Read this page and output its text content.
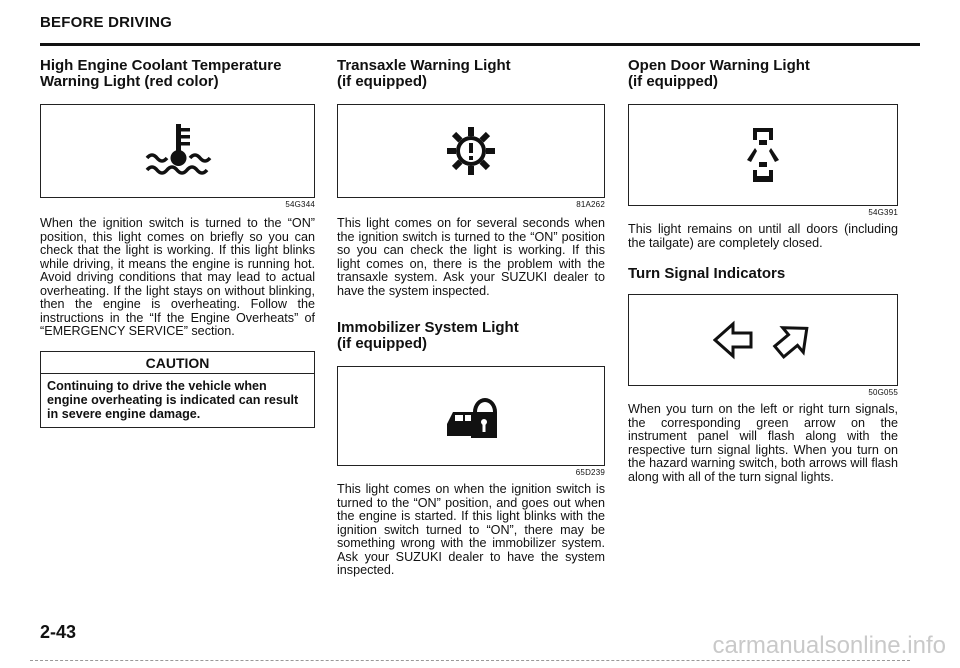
BEFORE DRIVING
High Engine Coolant Temperature
Warning Light (red color)
54G344

When the ignition switch is turned to the “ON” position, this light comes on briefly so you can check that the light is working. If this light blinks while driving, it means the engine is running hot. Avoid driving conditions that may lead to actual overheating. If the light stays on without blinking, then the engine is overheating. Follow the instructions in the “If the Engine Overheats” of “EMERGENCY SERVICE” section.

CAUTION
Continuing to drive the vehicle when engine overheating is indicated can result in severe engine damage.
Transaxle Warning Light
(if equipped)
81A262

This light comes on for several seconds when the ignition switch is turned to the “ON” position so you can check the light is working. If this light comes on, there is the problem with the transaxle system. Ask your SUZUKI dealer to have the system inspected.

Immobilizer System Light
(if equipped)
65D239

This light comes on when the ignition switch is turned to the “ON” position, and goes out when the engine is started. If this light blinks with the ignition switch turned to “ON”, there may be something wrong with the immobilizer system. Ask your SUZUKI dealer to have the system inspected.

Open Door Warning Light
(if equipped)
54G391

This light remains on until all doors (including the tailgate) are completely closed.

Turn Signal Indicators
50G055

When you turn on the left or right turn signals, the corresponding green arrow on the instrument panel will flash along with the respective turn signal lights. When you turn on the hazard warning switch, both arrows will flash along with all of the turn signal lights.

2-43	carmanualsonline.info
